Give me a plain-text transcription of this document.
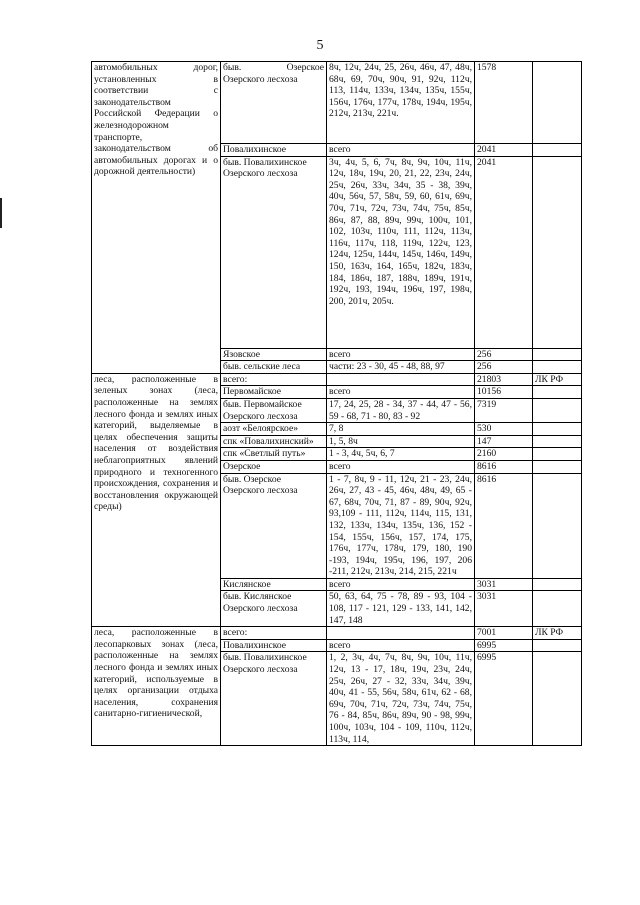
5
автомобильных дорог, установленных в соответствии с законодательством Российской Федерации о железнодорожном транспорте, законодательством об автомобильных дорогах и о дорожной деятельности)	быв. Озерское Озерского лесхоза	8ч, 12ч, 24ч, 25, 26ч, 46ч, 47, 48ч, 68ч, 69, 70ч, 90ч, 91, 92ч, 112ч, 113, 114ч, 133ч, 134ч, 135ч, 155ч, 156ч, 176ч, 177ч, 178ч, 194ч, 195ч, 212ч, 213ч, 221ч.	1578	
	Повалихинское	всего	2041	
	быв. Повалихинское Озерского лесхоза	3ч, 4ч, 5, 6, 7ч, 8ч, 9ч, 10ч, 11ч, 12ч, 18ч, 19ч, 20, 21, 22, 23ч, 24ч, 25ч, 26ч, 33ч, 34ч, 35 - 38, 39ч, 40ч, 56ч, 57, 58ч, 59, 60, 61ч, 69ч, 70ч, 71ч, 72ч, 73ч, 74ч, 75ч, 85ч, 86ч, 87, 88, 89ч, 99ч, 100ч, 101, 102, 103ч, 110ч, 111, 112ч, 113ч, 116ч, 117ч, 118, 119ч, 122ч, 123, 124ч, 125ч, 144ч, 145ч, 146ч, 149ч, 150, 163ч, 164, 165ч, 182ч, 183ч, 184, 186ч, 187, 188ч, 189ч, 191ч, 192ч, 193, 194ч, 196ч, 197, 198ч, 200, 201ч, 205ч.	2041	
	Язовское	всего	256	
	быв. сельские леса	части: 23 - 30, 45 - 48, 88, 97	256	
леса, расположенные в зеленых зонах (леса, расположенные на землях лесного фонда и землях иных категорий, выделяемые в целях обеспечения защиты населения от воздействия неблагоприятных явлений природного и техногенного происхождения, сохранения и восстановления окружающей среды)	всего:		21803	ЛК РФ
	Первомайское	всего	10156	
	быв. Первомайское Озерского лесхоза	17, 24, 25, 28 - 34, 37 - 44, 47 - 56, 59 - 68, 71 - 80, 83 - 92	7319	
	аозт «Белоярское»	7, 8	530	
	спк «Повалихинский»	1, 5, 8ч	147	
	спк «Светлый путь»	1 - 3, 4ч, 5ч, 6, 7	2160	
	Озерское	всего	8616	
	быв. Озерское Озерского лесхоза	1 - 7, 8ч, 9 - 11, 12ч, 21 - 23, 24ч, 26ч, 27, 43 - 45, 46ч, 48ч, 49, 65 - 67, 68ч, 70ч, 71, 87 - 89, 90ч, 92ч, 93,109 - 111, 112ч, 114ч, 115, 131, 132, 133ч, 134ч, 135ч, 136, 152 - 154, 155ч, 156ч, 157, 174, 175, 176ч, 177ч, 178ч, 179, 180, 190 -193, 194ч, 195ч, 196, 197, 206 -211, 212ч, 213ч, 214, 215, 221ч	8616	
	Кислянское	всего	3031	
	быв. Кислянское Озерского лесхоза	50, 63, 64, 75 - 78, 89 - 93, 104 - 108, 117 - 121, 129 - 133, 141, 142, 147, 148	3031	
леса, расположенные в лесопарковых зонах (леса, расположенные на землях лесного фонда и землях иных категорий, используемые в целях организации отдыха населения, сохранения санитарно-гигиенической,	всего:		7001	ЛК РФ
	Повалихинское	всего	6995	
	быв. Повалихинское Озерского лесхоза	1, 2, 3ч, 4ч, 7ч, 8ч, 9ч, 10ч, 11ч, 12ч, 13 - 17, 18ч, 19ч, 23ч, 24ч, 25ч, 26ч, 27 - 32, 33ч, 34ч, 39ч, 40ч, 41 - 55, 56ч, 58ч, 61ч, 62 - 68, 69ч, 70ч, 71ч, 72ч, 73ч, 74ч, 75ч, 76 - 84, 85ч, 86ч, 89ч, 90 - 98, 99ч, 100ч, 103ч, 104 - 109, 110ч, 112ч, 113ч, 114,	6995	
